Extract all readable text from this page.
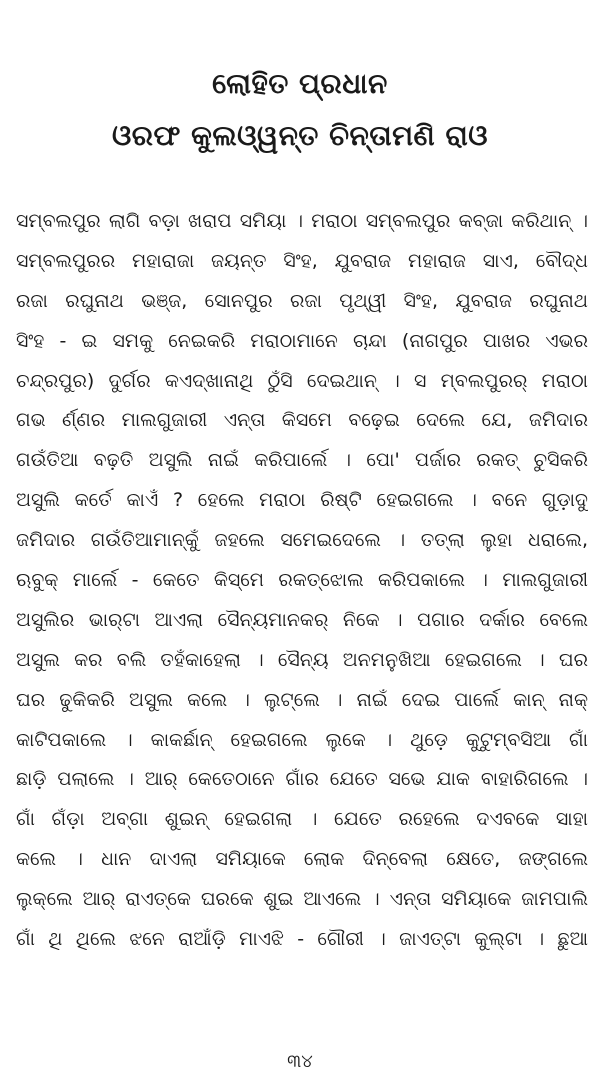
ଲୋହିତ ପ୍ରଧାନ
ଓରଫ କୁଲଓ୍ୱନ୍ତ ଚିନ୍ତାମଣି ରାଓ
ସମ୍ବଲପୁର ଲାଗି ବଡ଼ା ଖରାପ ସମିୟା । ମରାଠା ସମ୍ବଲପୁର କବ୍‌ଜା କରିଥାନ୍ ।
ସମ୍ବଲପୁରର ମହାରାଜା ଜୟନ୍ତ ସିଂହ, ଯୁବରାଜ ମହାରାଜ ସାଏ, ବୌଦ୍ଧ
ରଜା ରଘୁନାଥ ଭଞ୍ଜ, ସୋନପୁର ରଜା ପୃଥ୍ୱୀ ସିଂହ, ଯୁବରାଜ ରଘୁନାଥ
ସିଂହ - ଇ ସମକୁ ନେଇକରି ମରାଠାମାନେ ଚାନ୍ଦା (ନାଗପୁର ପାଖର ଏଭର
ଚନ୍ଦ୍ରପୁର) ଦୁର୍ଗର କଏଦ୍‌ଖାନାଥି ଠୁଁସି ଦେଇଥାନ୍ । ସ ମ୍ବଲପୁରର୍ ମରାଠା
ଗଭ ର୍ଣ୍ଣର ମାଲଗୁଜାରୀ ଏନ୍ତା କିସମେ ବଢ଼େଇ ଦେଲେ ଯେ, ଜମିଦାର
ଗଉଁତିଆ ବଢ଼ତି ଅସୁଲି ନାଇଁ କରିପାର୍ଲେ । ପୋ' ପର୍ଜାର ରକତ୍ ଚୁସିକରି
ଅସୁଲି କର୍ତେ କାଏଁ ? ହେଲେ ମରାଠା ରିଷ୍ଟି ହେଇଗଲେ । ବନେ ଗୁଡ଼ାଦୁ
ଜମିଦାର ଗଉଁତିଆମାନ୍‌କୁଁ ଜହଲେ ସମେଇଦେଲେ । ତତ୍‌ଲା ଲୁହା ଧରାଲେ,
ଋବୁକ୍ ମାର୍ଲେ - କେତେ କିସ୍‌ମେ ରକତ୍‌ଝୋଲ କରିପକାଲେ । ମାଲଗୁଜାରୀ
ଅସୁଲିର ଭାର୍‌ଟା ଆଏଲା ସୈନ୍ୟମାନକର୍ ନିକେ । ପଗାର ଦର୍କାର ବେଲେ
ଅସୁଲ କର ବଲି ତହଁକାହେଲା । ସୈନ୍ୟ ଅନମନୁଖିଆ ହେଇଗଲେ । ଘର
ଘର ଢୁକିକରି ଅସୁଲ କଲେ । ଲୁଟ୍‌ଲେ । ନାଇଁ ଦେଇ ପାର୍ଲେ କାନ୍ ନାକ୍
କାଟିପକାଲେ । କାକର୍ଛାନ୍ ହେଇଗଲେ ଲୁକେ । ଥୁଡ଼େ କୁଟୁମ୍ବସିଆ ଗାଁ
ଛାଡ଼ି ପଲାଲେ । ଆର୍ କେତେଠାନେ ଗାଁର ଯେତେ ସଭେ ଯାକ ବାହାରିଗଲେ ।
ଗାଁ ଗଁଡ଼ା ଅବ୍‌ଗା ଶୁଇନ୍ ହେଇଗଲା । ଯେତେ ରହେଲେ ଦଏବକେ ସାହା
କଲେ । ଧାନ ଦାଏଲା ସମିୟାକେ ଲୋକ ଦିନ୍‌ବେଲା କ୍ଷେତେ, ଜଙ୍ଗଲେ
ଲୁକ୍‌ଲେ ଆର୍ ରାଏତ୍‌କେ ଘରକେ ଶୁଇ ଆଏଲେ । ଏନ୍ତା ସମିୟାକେ ଜାମପାଲି
ଗାଁ ଥି ଥିଲେ ଝନେ ରାଆଁଡ଼ି ମାଏଝି - ଗୌରୀ । ଜାଏତ୍‌ଟା କୁଲ୍‌ଟା । ଛୁଆ
୩୪
